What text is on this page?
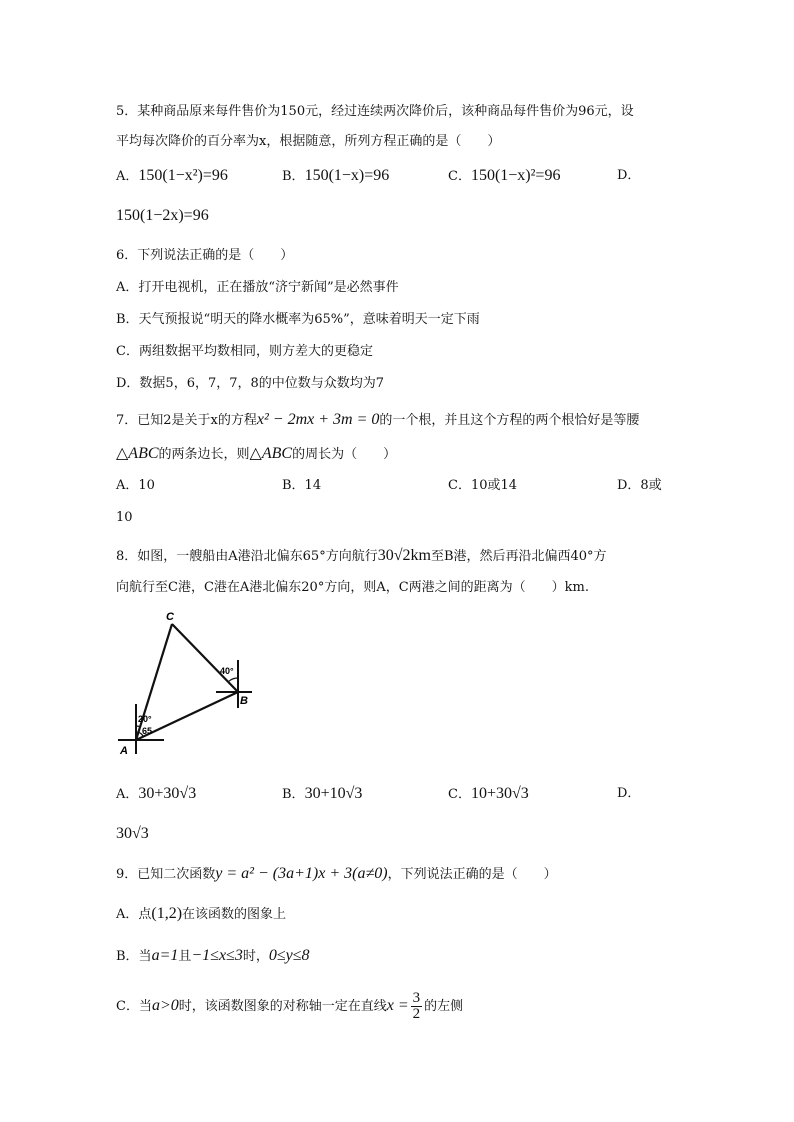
5．某种商品原来每件售价为150元，经过连续两次降价后，该种商品每件售价为96元，设
平均每次降价的百分率为x，根据随意，所列方程正确的是（　　）
A．150(1−x²)=96	B．150(1−x)=96	C．150(1−x)²=96	D．
150(1−2x)=96
6．下列说法正确的是（　　）
A．打开电视机，正在播放“济宁新闻”是必然事件
B．天气预报说“明天的降水概率为65%”，意味着明天一定下雨
C．两组数据平均数相同，则方差大的更稳定
D．数据5，6，7，7，8的中位数与众数均为7
7．已知2是关于x的方程x² − 2mx + 3m = 0的一个根，并且这个方程的两个根恰好是等腰
△ABC的两条边长，则△ABC的周长为（　　）
A．10	B．14	C．10或14	D．8或
10
8．如图，一艘船由A港沿北偏东65°方向航行30√2km至B港，然后再沿北偏西40°方
向航行至C港，C港在A港北偏东20°方向，则A，C两港之间的距离为（　　）km.
A
B
C
20°
65
40°
A．30+30√3	B．30+10√3	C．10+30√3	D．
30√3
9．已知二次函数y = a² − (3a+1)x + 3(a≠0)，下列说法正确的是（　　）
A．点(1,2)在该函数的图象上
B．当a=1且−1≤x≤3时，0≤y≤8
C．当a>0时，该函数图象的对称轴一定在直线$x = \frac{3}{2}$ 的左侧
